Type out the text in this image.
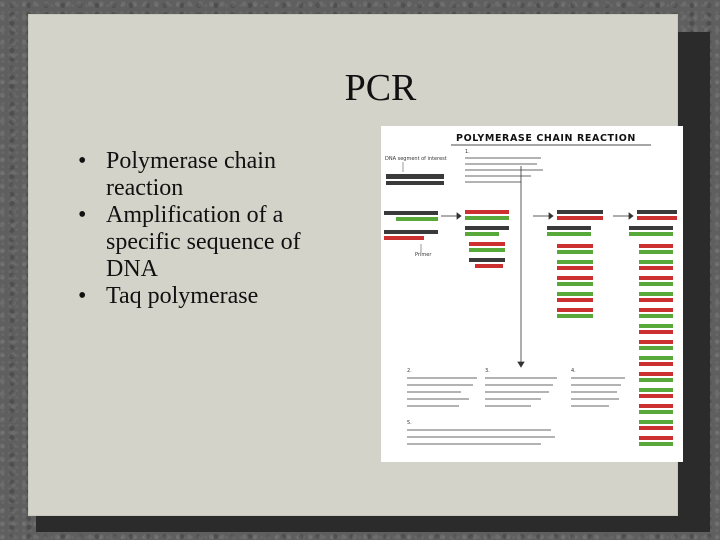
PCR
• Polymerase chain reaction
• Amplification of a specific sequence of DNA
• Taq polymerase
POLYMERASE CHAIN REACTION
DNA segment of interest
1.
Primer
2.	3.	4.
5.
